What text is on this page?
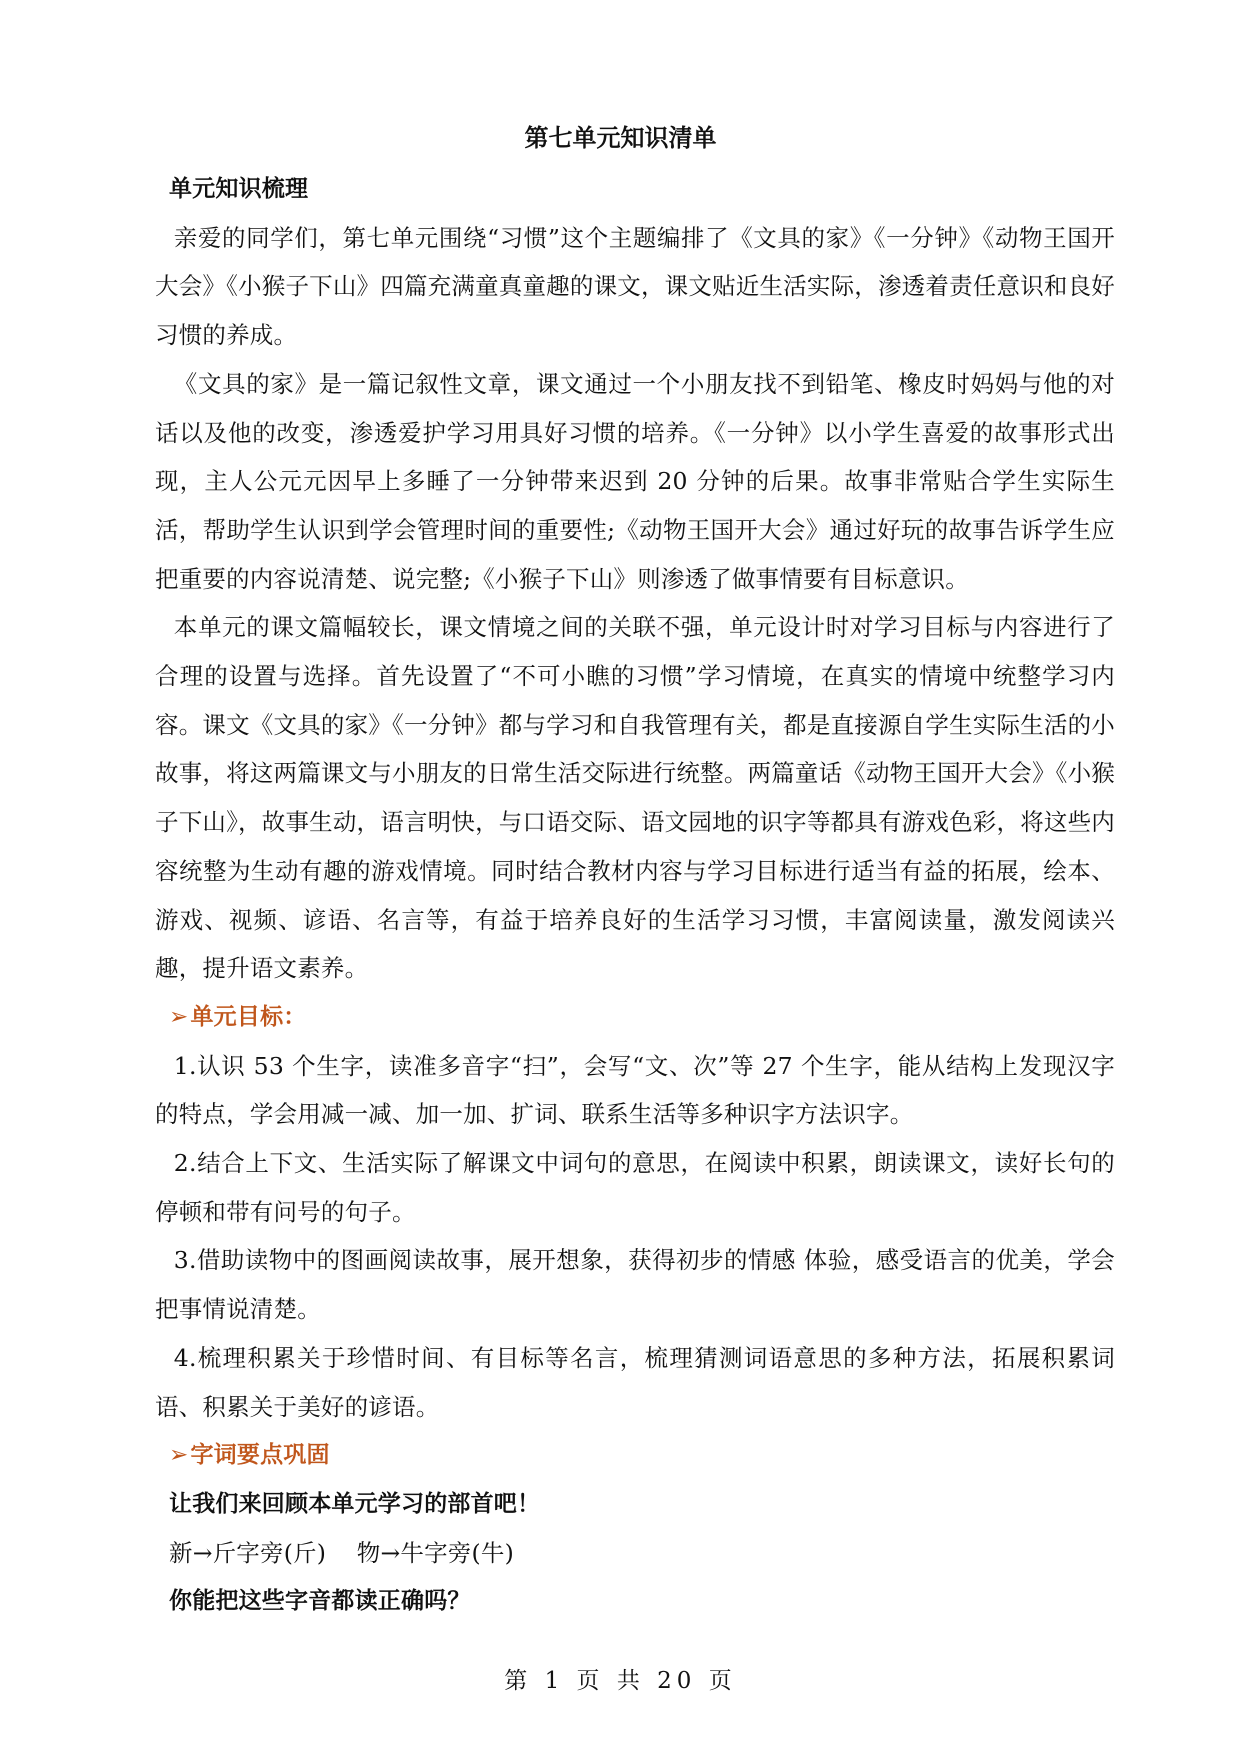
第七单元知识清单

单元知识梳理

亲爱的同学们，第七单元围绕“习惯”这个主题编排了《文具的家》《一分钟》《动物王国开大会》《小猴子下山》四篇充满童真童趣的课文，课文贴近生活实际，渗透着责任意识和良好习惯的养成。

《文具的家》是一篇记叙性文章，课文通过一个小朋友找不到铅笔、橡皮时妈妈与他的对话以及他的改变，渗透爱护学习用具好习惯的培养。《一分钟》以小学生喜爱的故事形式出现，主人公元元因早上多睡了一分钟带来迟到 20 分钟的后果。故事非常贴合学生实际生活，帮助学生认识到学会管理时间的重要性;《动物王国开大会》通过好玩的故事告诉学生应把重要的内容说清楚、说完整;《小猴子下山》则渗透了做事情要有目标意识。

本单元的课文篇幅较长，课文情境之间的关联不强，单元设计时对学习目标与内容进行了合理的设置与选择。首先设置了“不可小瞧的习惯”学习情境，在真实的情境中统整学习内容。课文《文具的家》《一分钟》都与学习和自我管理有关，都是直接源自学生实际生活的小故事，将这两篇课文与小朋友的日常生活交际进行统整。两篇童话《动物王国开大会》《小猴子下山》，故事生动，语言明快，与口语交际、语文园地的识字等都具有游戏色彩，将这些内容统整为生动有趣的游戏情境。同时结合教材内容与学习目标进行适当有益的拓展，绘本、游戏、视频、谚语、名言等，有益于培养良好的生活学习习惯，丰富阅读量，激发阅读兴趣，提升语文素养。

➢单元目标：

1.认识 53 个生字，读准多音字“扫”，会写“文、次”等 27 个生字，能从结构上发现汉字的特点，学会用减一减、加一加、扩词、联系生活等多种识字方法识字。

2.结合上下文、生活实际了解课文中词句的意思，在阅读中积累，朗读课文，读好长句的停顿和带有问号的句子。

3.借助读物中的图画阅读故事，展开想象，获得初步的情感 体验，感受语言的优美，学会把事情说清楚。

4.梳理积累关于珍惜时间、有目标等名言，梳理猜测词语意思的多种方法，拓展积累词语、积累关于美好的谚语。

➢字词要点巩固

让我们来回顾本单元学习的部首吧！

新→斤字旁(斤)    物→牛字旁(牛)

你能把这些字音都读正确吗？

第 1 页 共 20 页
